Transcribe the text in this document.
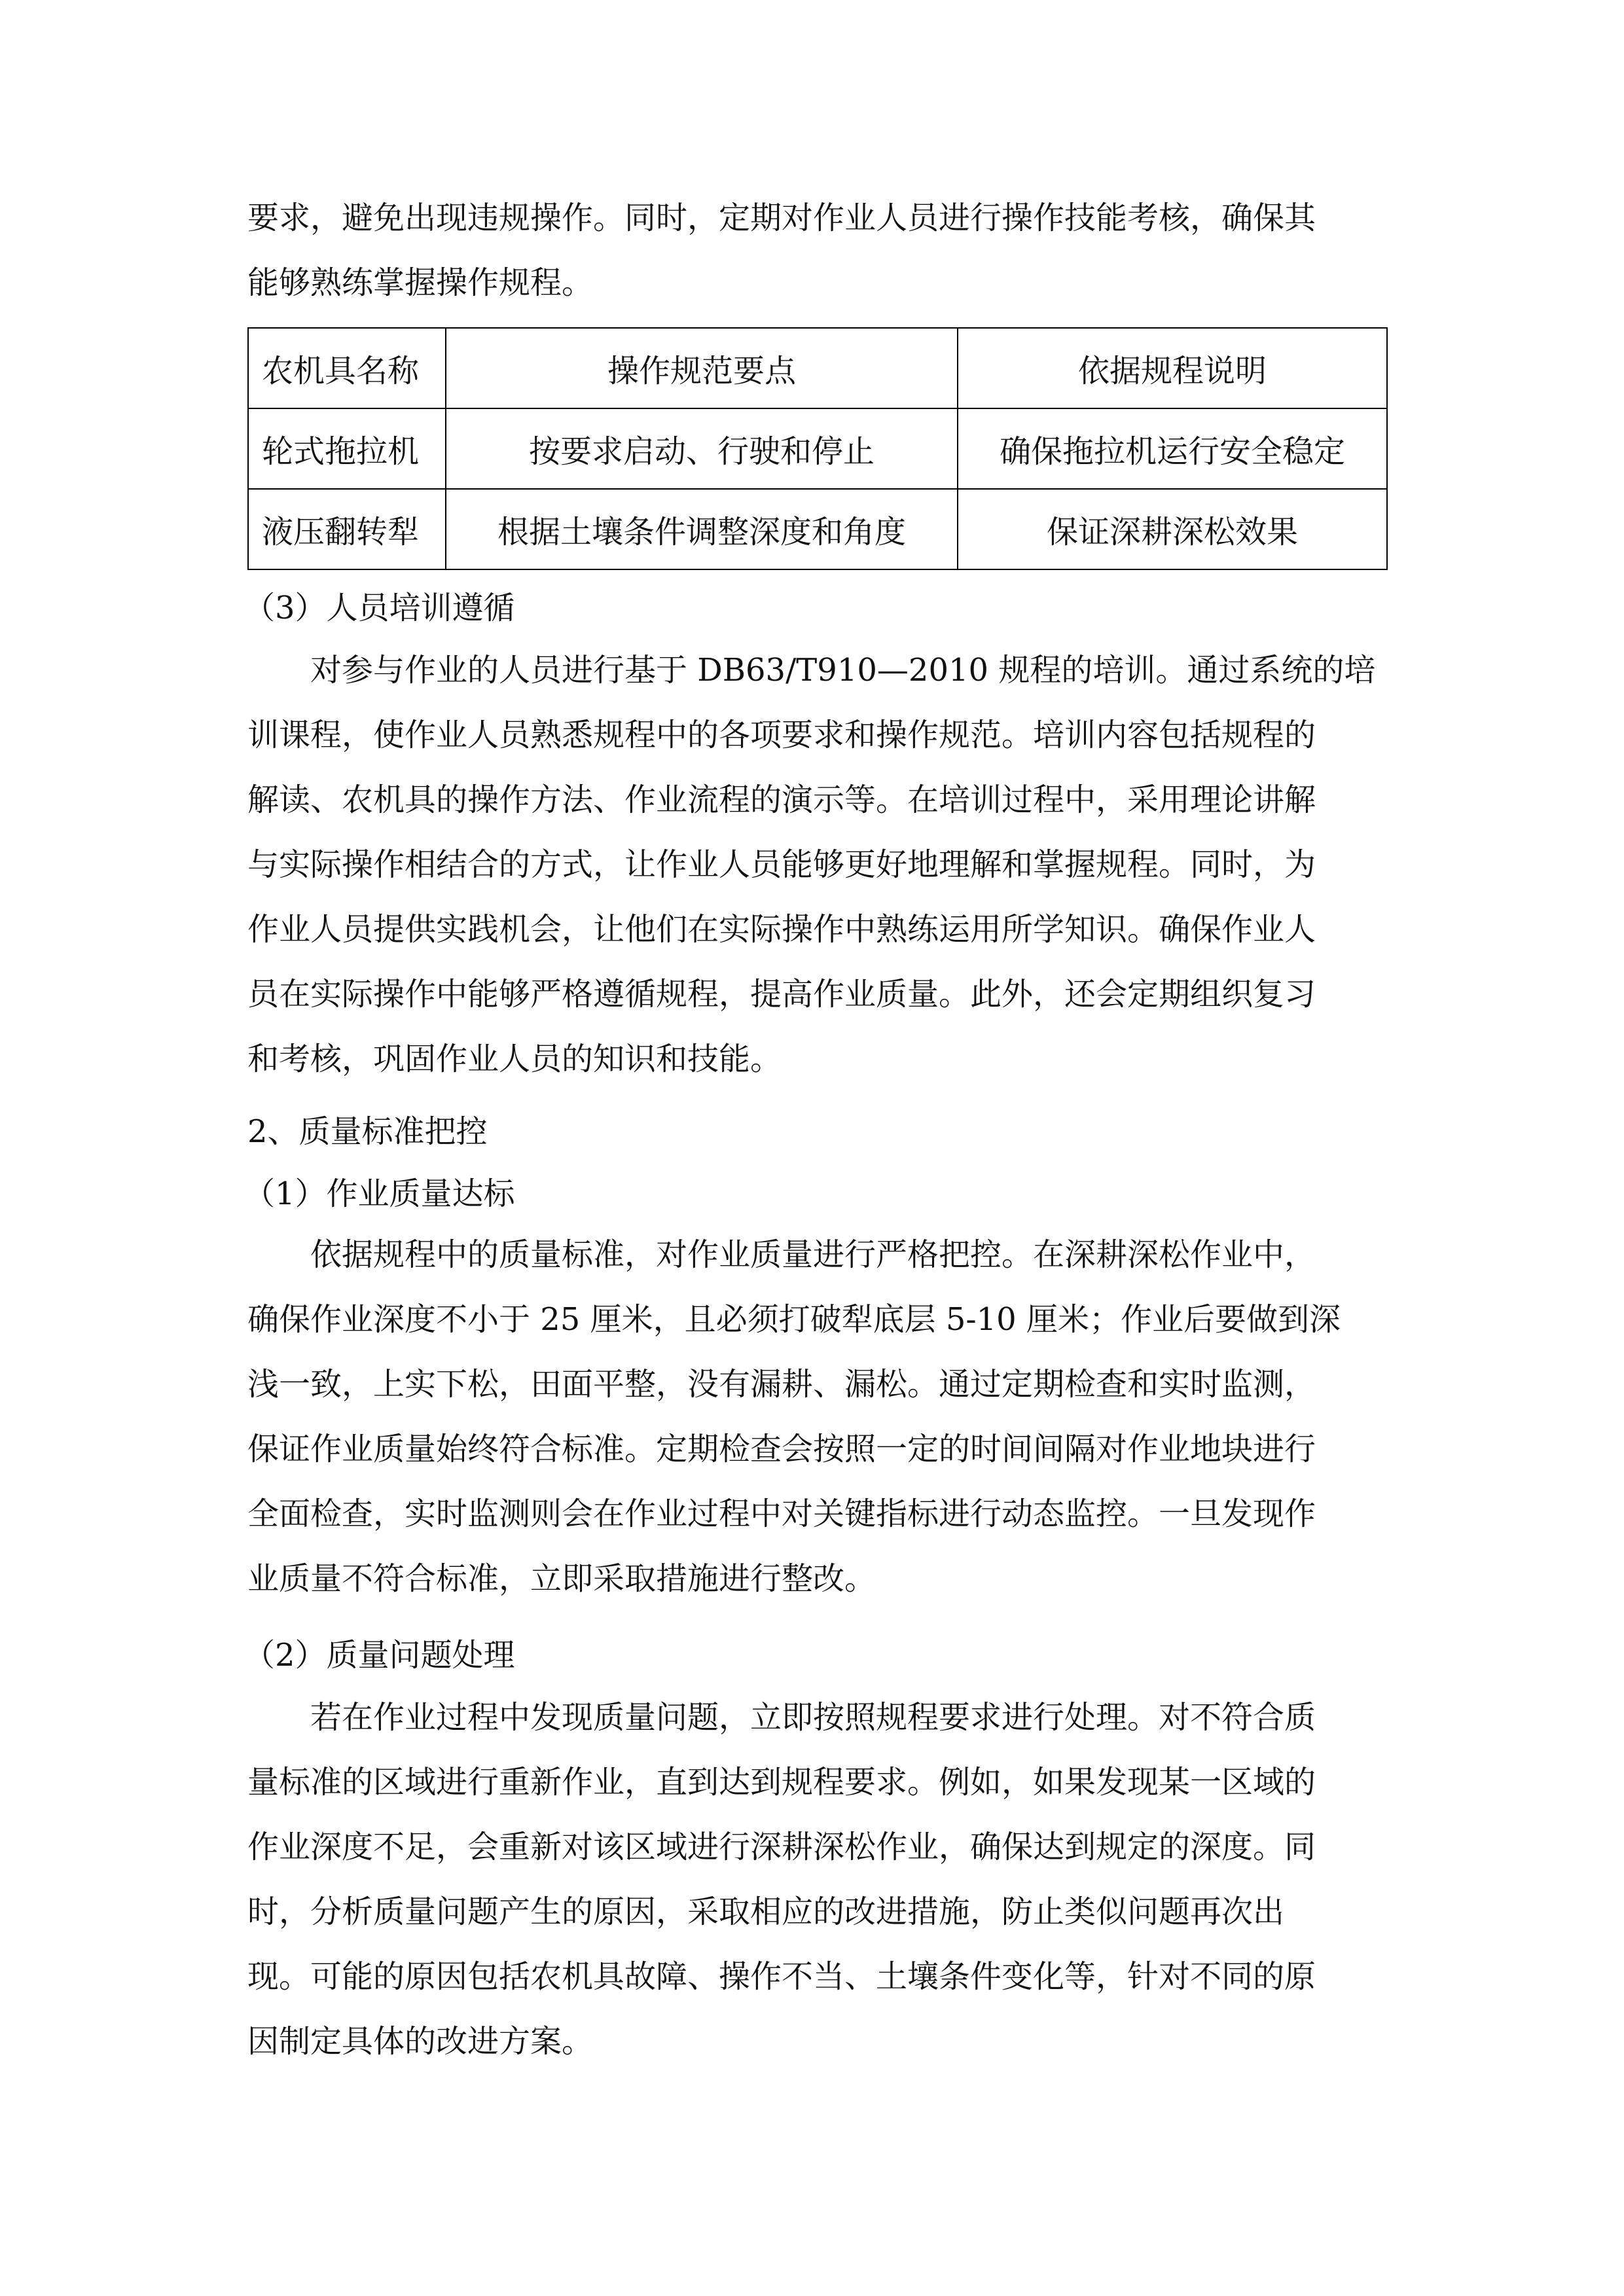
要求，避免出现违规操作。同时，定期对作业人员进行操作技能考核，确保其

能够熟练掌握操作规程。

农机具名称	操作规范要点	依据规程说明
轮式拖拉机	按要求启动、行驶和停止	确保拖拉机运行安全稳定
液压翻转犁	根据土壤条件调整深度和角度	保证深耕深松效果

（3）人员培训遵循

对参与作业的人员进行基于 DB63/T910—2010 规程的培训。通过系统的培

训课程，使作业人员熟悉规程中的各项要求和操作规范。培训内容包括规程的

解读、农机具的操作方法、作业流程的演示等。在培训过程中，采用理论讲解

与实际操作相结合的方式，让作业人员能够更好地理解和掌握规程。同时，为

作业人员提供实践机会，让他们在实际操作中熟练运用所学知识。确保作业人

员在实际操作中能够严格遵循规程，提高作业质量。此外，还会定期组织复习

和考核，巩固作业人员的知识和技能。

2、质量标准把控

（1）作业质量达标

依据规程中的质量标准，对作业质量进行严格把控。在深耕深松作业中，

确保作业深度不小于 25 厘米，且必须打破犁底层 5-10 厘米；作业后要做到深

浅一致，上实下松，田面平整，没有漏耕、漏松。通过定期检查和实时监测，

保证作业质量始终符合标准。定期检查会按照一定的时间间隔对作业地块进行

全面检查，实时监测则会在作业过程中对关键指标进行动态监控。一旦发现作

业质量不符合标准，立即采取措施进行整改。

（2）质量问题处理

若在作业过程中发现质量问题，立即按照规程要求进行处理。对不符合质

量标准的区域进行重新作业，直到达到规程要求。例如，如果发现某一区域的

作业深度不足，会重新对该区域进行深耕深松作业，确保达到规定的深度。同

时，分析质量问题产生的原因，采取相应的改进措施，防止类似问题再次出

现。可能的原因包括农机具故障、操作不当、土壤条件变化等，针对不同的原

因制定具体的改进方案。
